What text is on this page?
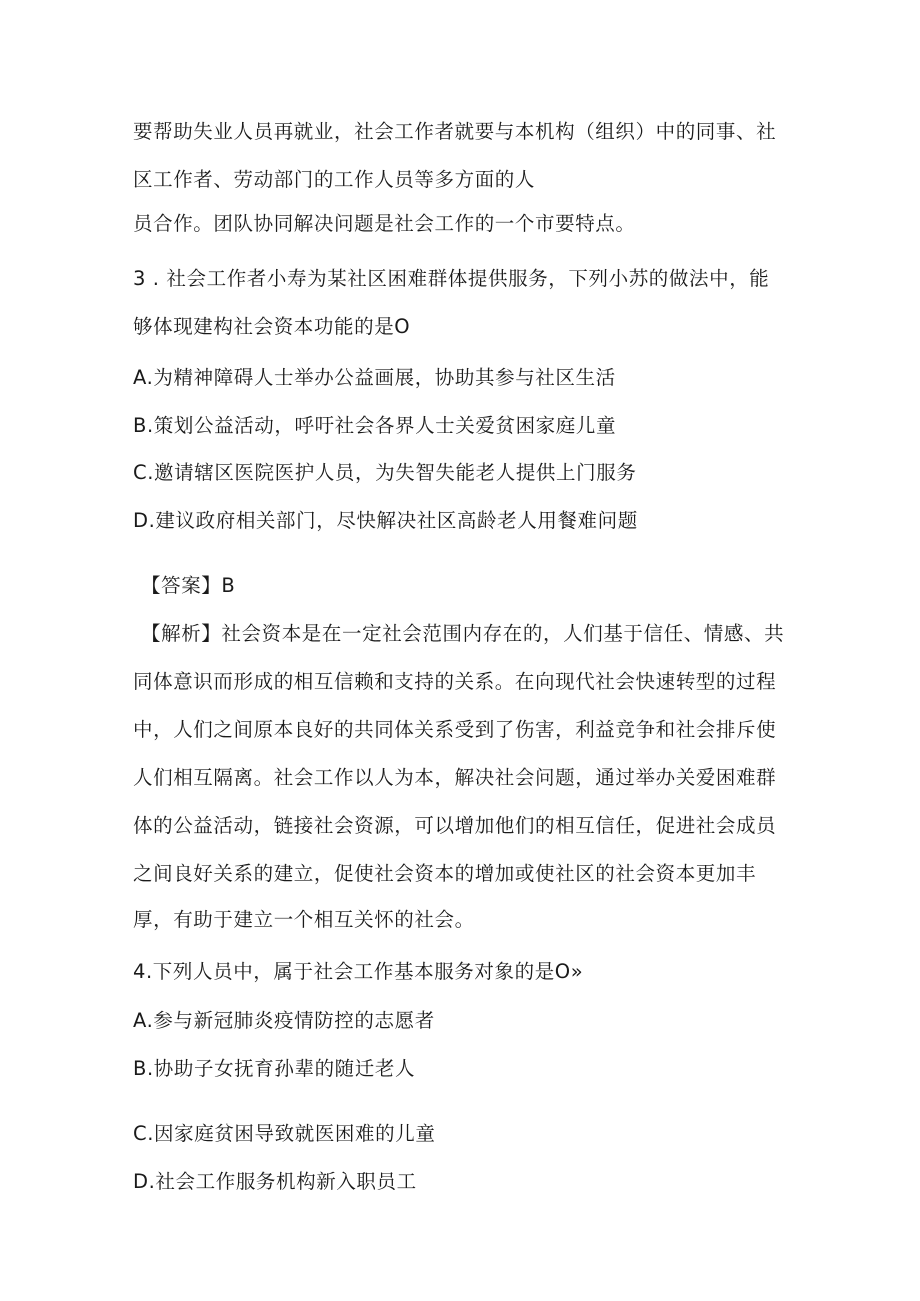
要帮助失业人员再就业，社会工作者就要与本机构（组织）中的同事、社
区工作者、劳动部门的工作人员等多方面的人
员合作。团队协同解决问题是社会工作的一个市要特点。
3 . 社会工作者小寿为某社区困难群体提供服务，下列小苏的做法中，能
够体现建构社会资本功能的是O
A.为精神障碍人士举办公益画展，协助其参与社区生活
B.策划公益活动，呼吁社会各界人士关爱贫困家庭儿童
C.邀请辖区医院医护人员，为失智失能老人提供上门服务
D.建议政府相关部门，尽快解决社区高龄老人用餐难问题
【答案】B
【解析】社会资本是在一定社会范围内存在的，人们基于信任、情感、共
同体意识而形成的相互信赖和支持的关系。在向现代社会快速转型的过程
中，人们之间原本良好的共同体关系受到了伤害，利益竞争和社会排斥使
人们相互隔离。社会工作以人为本，解决社会问题，通过举办关爱困难群
体的公益活动，链接社会资源，可以增加他们的相互信任，促进社会成员
之间良好关系的建立，促使社会资本的增加或使社区的社会资本更加丰
厚，有助于建立一个相互关怀的社会。
4.下列人员中，属于社会工作基本服务对象的是O»
A.参与新冠肺炎疫情防控的志愿者
B.协助子女抚育孙辈的随迁老人
C.因家庭贫困导致就医困难的儿童
D.社会工作服务机构新入职员工
